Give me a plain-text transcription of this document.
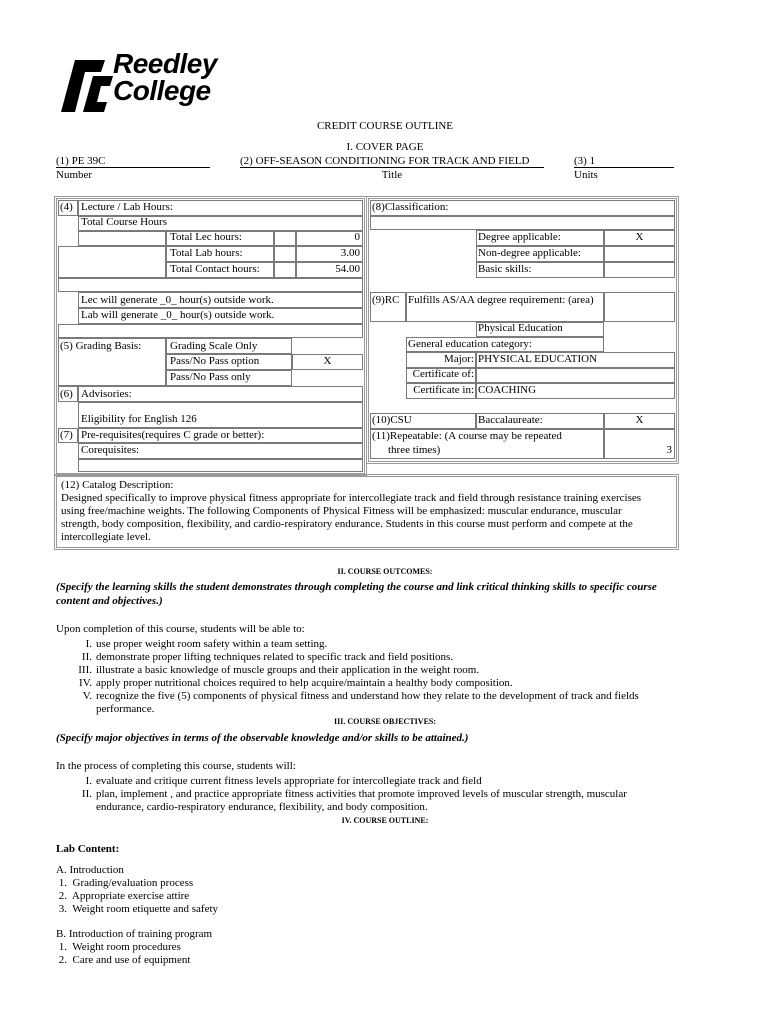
Reedley
College
CREDIT COURSE OUTLINE
I. COVER PAGE
(1) PE 39C
Number
(2) OFF-SEASON CONDITIONING FOR TRACK AND FIELD
Title
(3) 1
Units
(4) Lecture / Lab Hours:
Total Course Hours
Total Lec hours:	0
Total Lab hours:	3.00
Total Contact hours:	54.00
Lec will generate _0_ hour(s) outside work.
Lab will generate _0_ hour(s) outside work.
(5) Grading Basis:	Grading Scale Only
Pass/No Pass option	X
Pass/No Pass only
(6) Advisories:
Eligibility for English 126
(7) Pre-requisites(requires C grade or better):
Corequisites:
(8)Classification:
Degree applicable:	X
Non-degree applicable:
Basic skills:
(9)RC Fulfills AS/AA degree requirement: (area)
Physical Education
General education category:
Major: PHYSICAL EDUCATION
Certificate of:
Certificate in: COACHING
(10)CSU	Baccalaureate:	X
(11)Repeatable: (A course may be repeated
three times)	3
(12) Catalog Description:
Designed specifically to improve physical fitness appropriate for intercollegiate track and field through resistance training exercises
using free/machine weights. The following Components of Physical Fitness will be emphasized: muscular endurance, muscular
strength, body composition, flexibility, and cardio-respiratory endurance. Students in this course must perform and compete at the
intercollegiate level.
II. COURSE OUTCOMES:
(Specify the learning skills the student demonstrates through completing the course and link critical thinking skills to specific course
content and objectives.)
Upon completion of this course, students will be able to:
I. use proper weight room safety within a team setting.
II. demonstrate proper lifting techniques related to specific track and field positions.
III. illustrate a basic knowledge of muscle groups and their application in the weight room.
IV. apply proper nutritional choices required to help acquire/maintain a healthy body composition.
V. recognize the five (5) components of physical fitness and understand how they relate to the development of track and fields
performance.
III. COURSE OBJECTIVES:
(Specify major objectives in terms of the observable knowledge and/or skills to be attained.)
In the process of completing this course, students will:
I. evaluate and critique current fitness levels appropriate for intercollegiate track and field
II. plan, implement , and practice appropriate fitness activities that promote improved levels of muscular strength, muscular
endurance, cardio-respiratory endurance, flexibility, and body composition.
IV. COURSE OUTLINE:
Lab Content:
A. Introduction
1.  Grading/evaluation process
2.  Appropriate exercise attire
3.  Weight room etiquette and safety
B. Introduction of training program
1.  Weight room procedures
2.  Care and use of equipment
